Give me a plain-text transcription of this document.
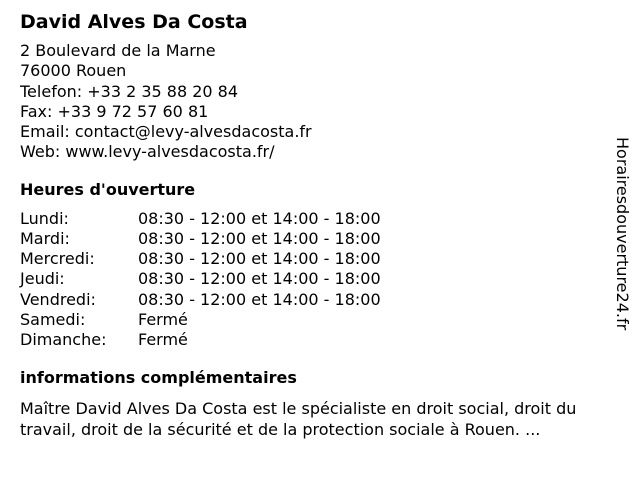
David Alves Da Costa
2 Boulevard de la Marne
76000 Rouen
Telefon: +33 2 35 88 20 84
Fax: +33 9 72 57 60 81
Email: contact@levy-alvesdacosta.fr
Web: www.levy-alvesdacosta.fr/
Heures d'ouverture
Lundi:	08:30 - 12:00 et 14:00 - 18:00
Mardi:	08:30 - 12:00 et 14:00 - 18:00
Mercredi:	08:30 - 12:00 et 14:00 - 18:00
Jeudi:	08:30 - 12:00 et 14:00 - 18:00
Vendredi:	08:30 - 12:00 et 14:00 - 18:00
Samedi:	Fermé
Dimanche:	Fermé
informations complémentaires
Maître David Alves Da Costa est le spécialiste en droit social, droit du travail, droit de la sécurité et de la protection sociale à Rouen. ...
Horairesdouverture24.fr
